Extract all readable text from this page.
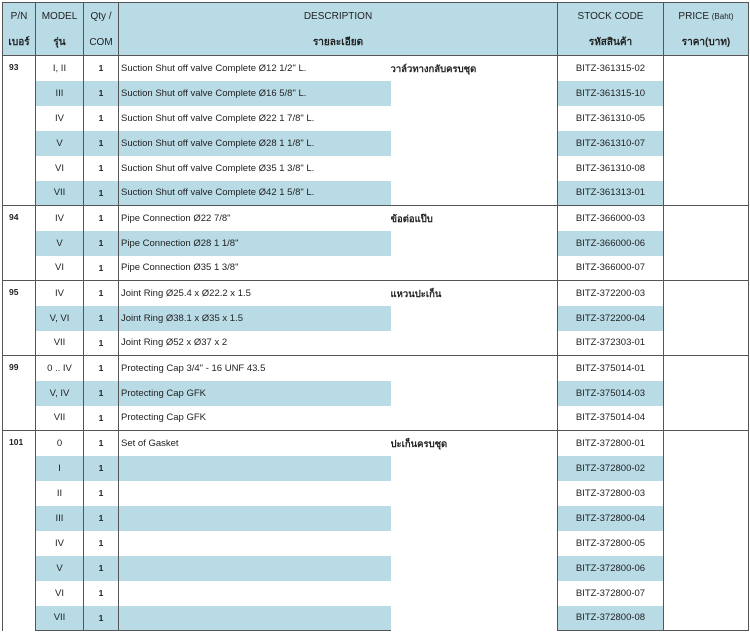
P/N	MODEL	Qty /	DESCRIPTION		STOCK CODE	PRICE (Baht)
เบอร์	รุ่น	COM	รายละเอียด		รหัสสินค้า	ราคา(บาท)
93	I, II	1	Suction Shut off valve Complete Ø12 1/2" L.	วาล์วทางกลับครบชุด	BITZ-361315-02	
	III	1	Suction Shut off valve Complete Ø16 5/8" L.		BITZ-361315-10	
	IV	1	Suction Shut off valve Complete Ø22 1 7/8" L.		BITZ-361310-05	
	V	1	Suction Shut off valve Complete Ø28 1 1/8" L.		BITZ-361310-07	
	VI	1	Suction Shut off valve Complete Ø35 1 3/8" L.		BITZ-361310-08	
	VII	1	Suction Shut off valve Complete Ø42 1 5/8" L.		BITZ-361313-01	
94	IV	1	Pipe Connection Ø22 7/8"	ข้อต่อแป๊บ	BITZ-366000-03	
	V	1	Pipe Connection Ø28 1 1/8"		BITZ-366000-06	
	VI	1	Pipe Connection Ø35 1 3/8"		BITZ-366000-07	
95	IV	1	Joint Ring Ø25.4 x Ø22.2 x 1.5	แหวนปะเก็น	BITZ-372200-03	
	V, VI	1	Joint Ring Ø38.1 x Ø35 x 1.5		BITZ-372200-04	
	VII	1	Joint Ring Ø52 x Ø37 x 2		BITZ-372303-01	
99	0 .. IV	1	Protecting Cap 3/4" - 16 UNF 43.5		BITZ-375014-01	
	V, IV	1	Protecting Cap GFK		BITZ-375014-03	
	VII	1	Protecting Cap GFK		BITZ-375014-04	
101	0	1	Set of Gasket	ปะเก็นครบชุด	BITZ-372800-01	
	I	1			BITZ-372800-02	
	II	1			BITZ-372800-03	
	III	1			BITZ-372800-04	
	IV	1			BITZ-372800-05	
	V	1			BITZ-372800-06	
	VI	1			BITZ-372800-07	
	VII	1			BITZ-372800-08	
